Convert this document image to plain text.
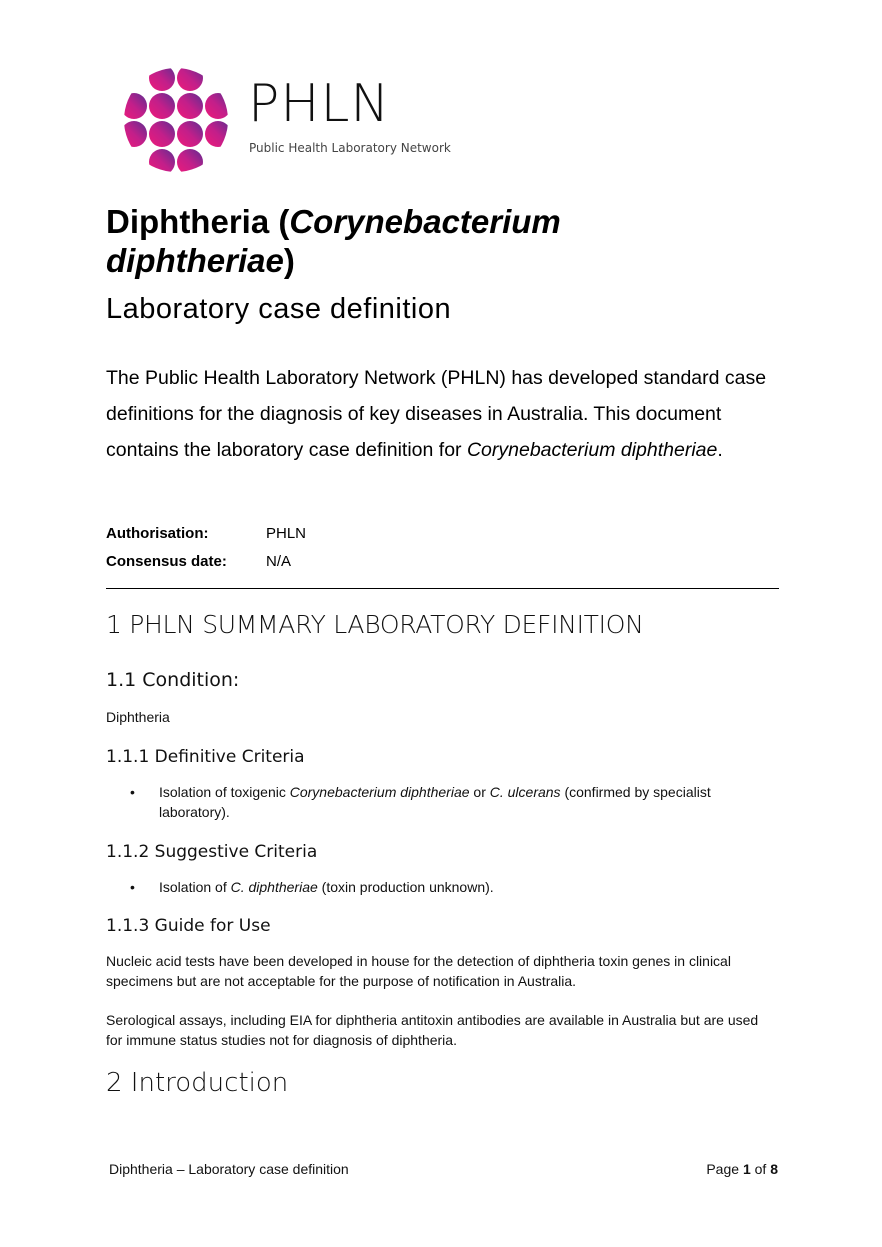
PHLN
Public Health Laboratory Network
Diphtheria (Corynebacterium
diphtheriae)
Laboratory case definition
The Public Health Laboratory Network (PHLN) has developed standard case definitions for the diagnosis of key diseases in Australia. This document contains the laboratory case definition for Corynebacterium diphtheriae.
Authorisation:	PHLN
Consensus date:	N/A
1 PHLN SUMMARY LABORATORY DEFINITION
1.1 Condition:
Diphtheria
1.1.1 Definitive Criteria
• Isolation of toxigenic Corynebacterium diphtheriae or C. ulcerans (confirmed by specialist laboratory).
1.1.2 Suggestive Criteria
• Isolation of C. diphtheriae (toxin production unknown).
1.1.3 Guide for Use
Nucleic acid tests have been developed in house for the detection of diphtheria toxin genes in clinical specimens but are not acceptable for the purpose of notification in Australia.
Serological assays, including EIA for diphtheria antitoxin antibodies are available in Australia but are used for immune status studies not for diagnosis of diphtheria.
2 Introduction
Diphtheria – Laboratory case definition	Page 1 of 8
